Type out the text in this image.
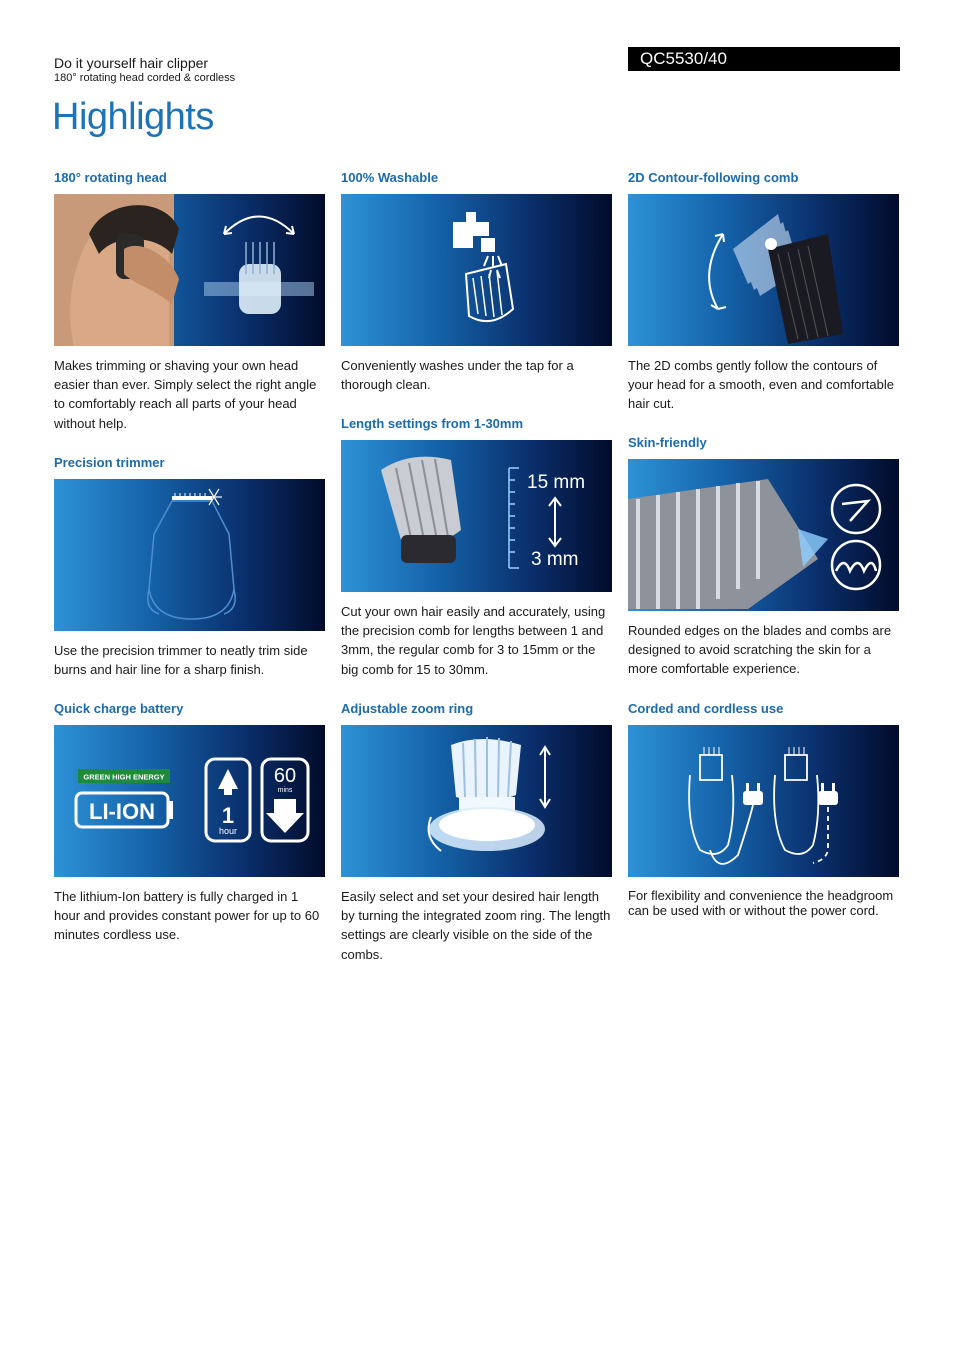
Do it yourself hair clipper
180° rotating head corded & cordless
QC5530/40
Highlights
180° rotating head
Makes trimming or shaving your own head easier than ever. Simply select the right angle to comfortably reach all parts of your head without help.
100% Washable
Conveniently washes under the tap for a thorough clean.
2D Contour-following comb
The 2D combs gently follow the contours of your head for a smooth, even and comfortable hair cut.
Precision trimmer
Use the precision trimmer to neatly trim side burns and hair line for a sharp finish.
Length settings from 1-30mm
15 mm
3 mm
Cut your own hair easily and accurately, using the precision comb for lengths between 1 and 3mm, the regular comb for 3 to 15mm or the big comb for 15 to 30mm.
Skin-friendly
Rounded edges on the blades and combs are designed to avoid scratching the skin for a more comfortable experience.
Quick charge battery
GREEN HIGH ENERGY
LI-ION	1
hour
60
mins
The lithium-Ion battery is fully charged in 1 hour and provides constant power for up to 60 minutes cordless use.
Adjustable zoom ring
Easily select and set your desired hair length by turning the integrated zoom ring. The length settings are clearly visible on the side of the combs.
Corded and cordless use
For flexibility and convenience the headgroom can be used with or without the power cord.
